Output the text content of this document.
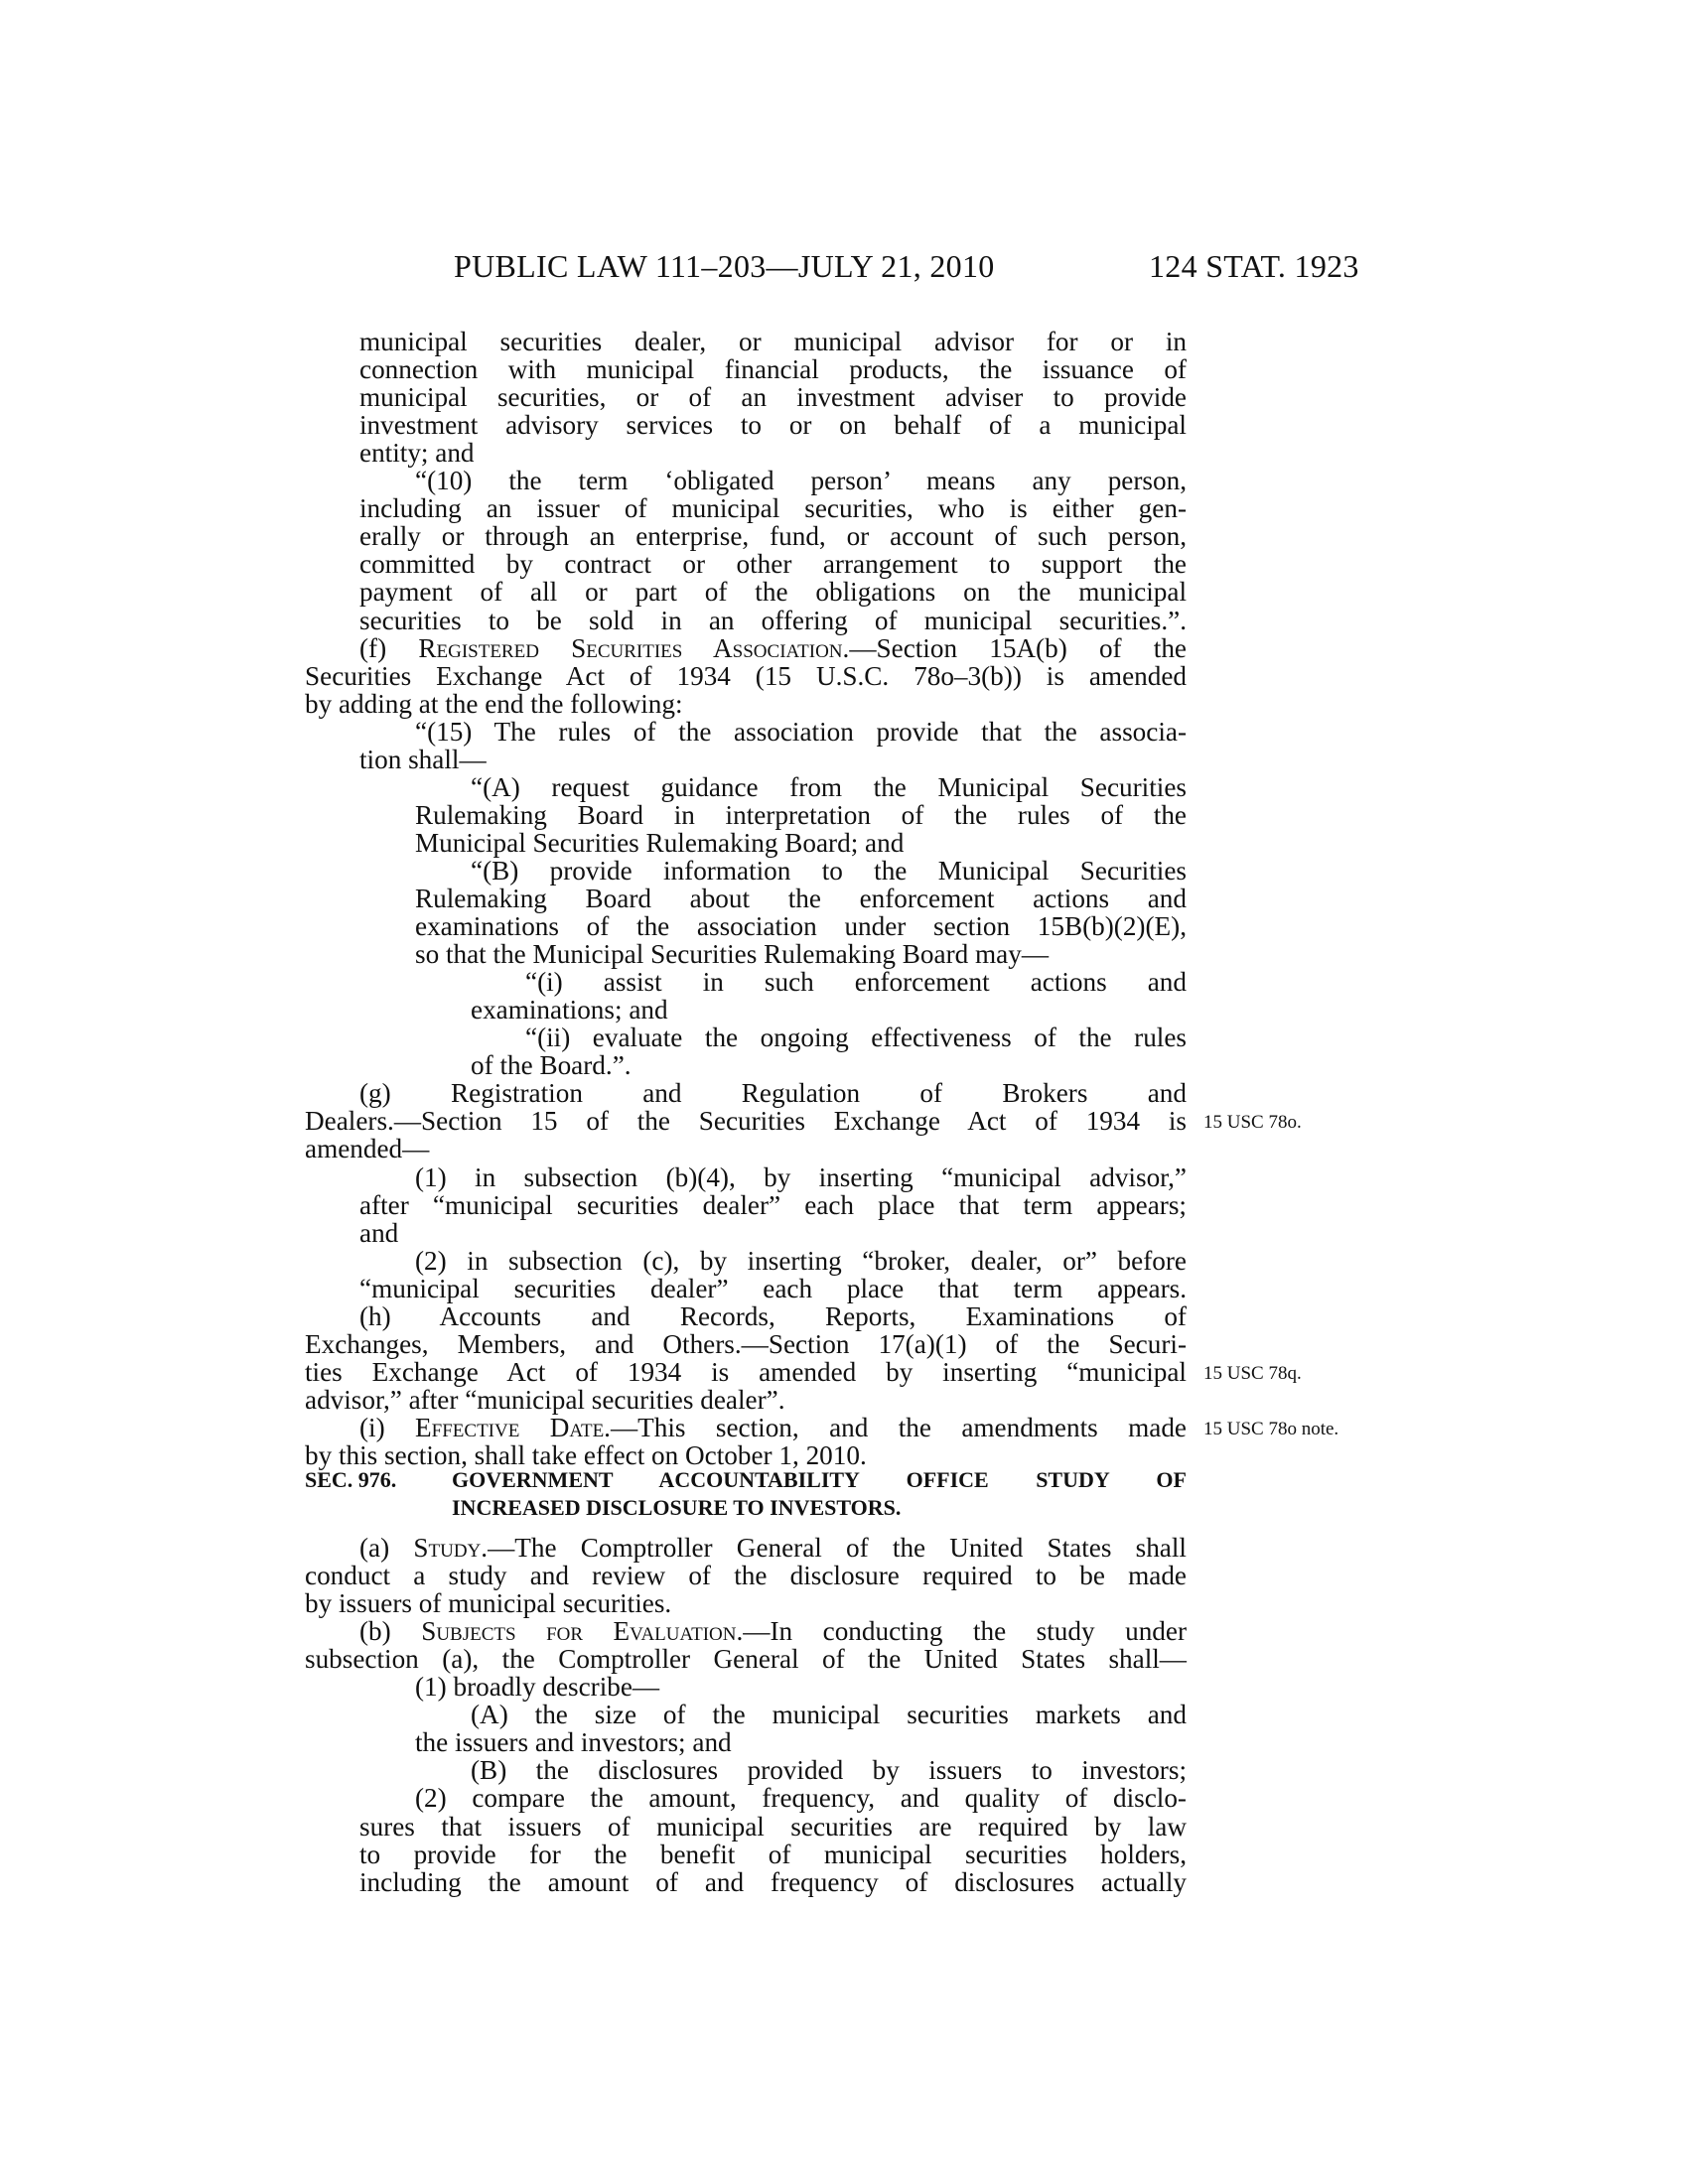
PUBLIC LAW 111–203—JULY 21, 2010	124 STAT. 1923
municipal securities dealer, or municipal advisor for or in
connection with municipal financial products, the issuance of
municipal securities, or of an investment adviser to provide
investment advisory services to or on behalf of a municipal
entity; and
“(10) the term ‘obligated person’ means any person,
including an issuer of municipal securities, who is either gen-
erally or through an enterprise, fund, or account of such person,
committed by contract or other arrangement to support the
payment of all or part of the obligations on the municipal
securities to be sold in an offering of municipal securities.”.
(f) Registered Securities Association.—Section 15A(b) of the
Securities Exchange Act of 1934 (15 U.S.C. 78o–3(b)) is amended
by adding at the end the following:
“(15) The rules of the association provide that the associa-
tion shall—
“(A) request guidance from the Municipal Securities
Rulemaking Board in interpretation of the rules of the
Municipal Securities Rulemaking Board; and
“(B) provide information to the Municipal Securities
Rulemaking Board about the enforcement actions and
examinations of the association under section 15B(b)(2)(E),
so that the Municipal Securities Rulemaking Board may—
“(i) assist in such enforcement actions and
examinations; and
“(ii) evaluate the ongoing effectiveness of the rules
of the Board.”.
(g) Registration and Regulation of Brokers and
Dealers.—Section 15 of the Securities Exchange Act of 1934 is
amended—
(1) in subsection (b)(4), by inserting “municipal advisor,”
after “municipal securities dealer” each place that term appears;
and
(2) in subsection (c), by inserting “broker, dealer, or” before
“municipal securities dealer” each place that term appears.
(h) Accounts and Records, Reports, Examinations of
Exchanges, Members, and Others.—Section 17(a)(1) of the Securi-
ties Exchange Act of 1934 is amended by inserting “municipal
advisor,” after “municipal securities dealer”.
(i) Effective Date.—This section, and the amendments made
by this section, shall take effect on October 1, 2010.
SEC. 976.	GOVERNMENT ACCOUNTABILITY OFFICE STUDY OF
INCREASED DISCLOSURE TO INVESTORS.
(a) Study.—The Comptroller General of the United States shall
conduct a study and review of the disclosure required to be made
by issuers of municipal securities.
(b) Subjects for Evaluation.—In conducting the study under
subsection (a), the Comptroller General of the United States shall—
(1) broadly describe—
(A) the size of the municipal securities markets and
the issuers and investors; and
(B) the disclosures provided by issuers to investors;
(2) compare the amount, frequency, and quality of disclo-
sures that issuers of municipal securities are required by law
to provide for the benefit of municipal securities holders,
including the amount of and frequency of disclosures actually
15 USC 78o.
15 USC 78q.
15 USC 78o note.
